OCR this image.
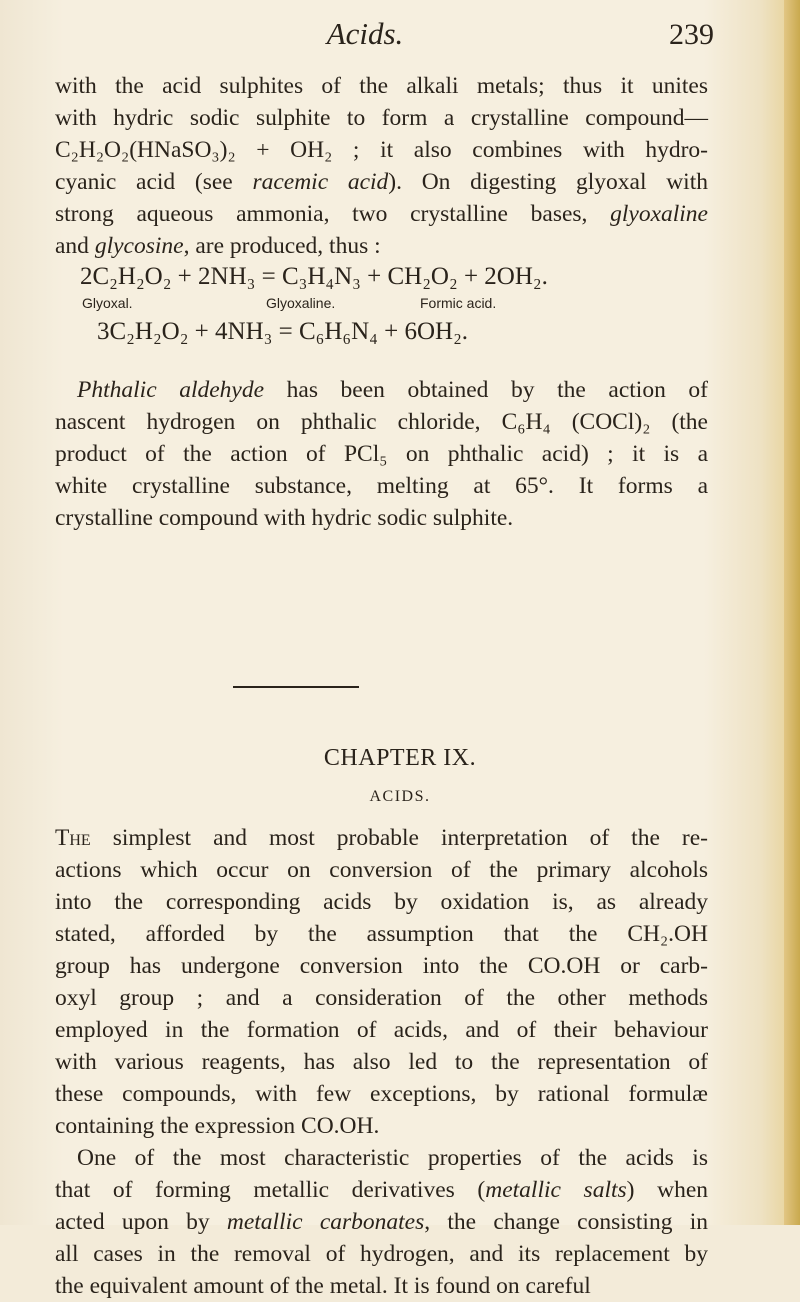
Acids.	239
with the acid sulphites of the alkali metals; thus it unites
with hydric sodic sulphite to form a crystalline compound—
C₂H₂O₂(HNaSO₃)₂ + OH₂ ; it also combines with hydro-
cyanic acid (see racemic acid). On digesting glyoxal with
strong aqueous ammonia, two crystalline bases, glyoxaline
and glycosine, are produced, thus :
2C₂H₂O₂ + 2NH₃ = C₃H₄N₃ + CH₂O₂ + 2OH₂.
Glyoxal.	Glyoxaline.	Formic acid.
3C₂H₂O₂ + 4NH₃ = C₆H₆N₄ + 6OH₂.
Phthalic aldehyde has been obtained by the action of
nascent hydrogen on phthalic chloride, C₆H₄ (COCl)₂ (the
product of the action of PCl₅ on phthalic acid) ; it is a
white crystalline substance, melting at 65°. It forms a
crystalline compound with hydric sodic sulphite.
CHAPTER IX.
ACIDS.
The simplest and most probable interpretation of the re-
actions which occur on conversion of the primary alcohols
into the corresponding acids by oxidation is, as already
stated, afforded by the assumption that the CH₂.OH
group has undergone conversion into the CO.OH or carb-
oxyl group ; and a consideration of the other methods
employed in the formation of acids, and of their behaviour
with various reagents, has also led to the representation of
these compounds, with few exceptions, by rational formulæ
containing the expression CO.OH.
One of the most characteristic properties of the acids is
that of forming metallic derivatives (metallic salts) when
acted upon by metallic carbonates, the change consisting in
all cases in the removal of hydrogen, and its replacement by
the equivalent amount of the metal. It is found on careful
